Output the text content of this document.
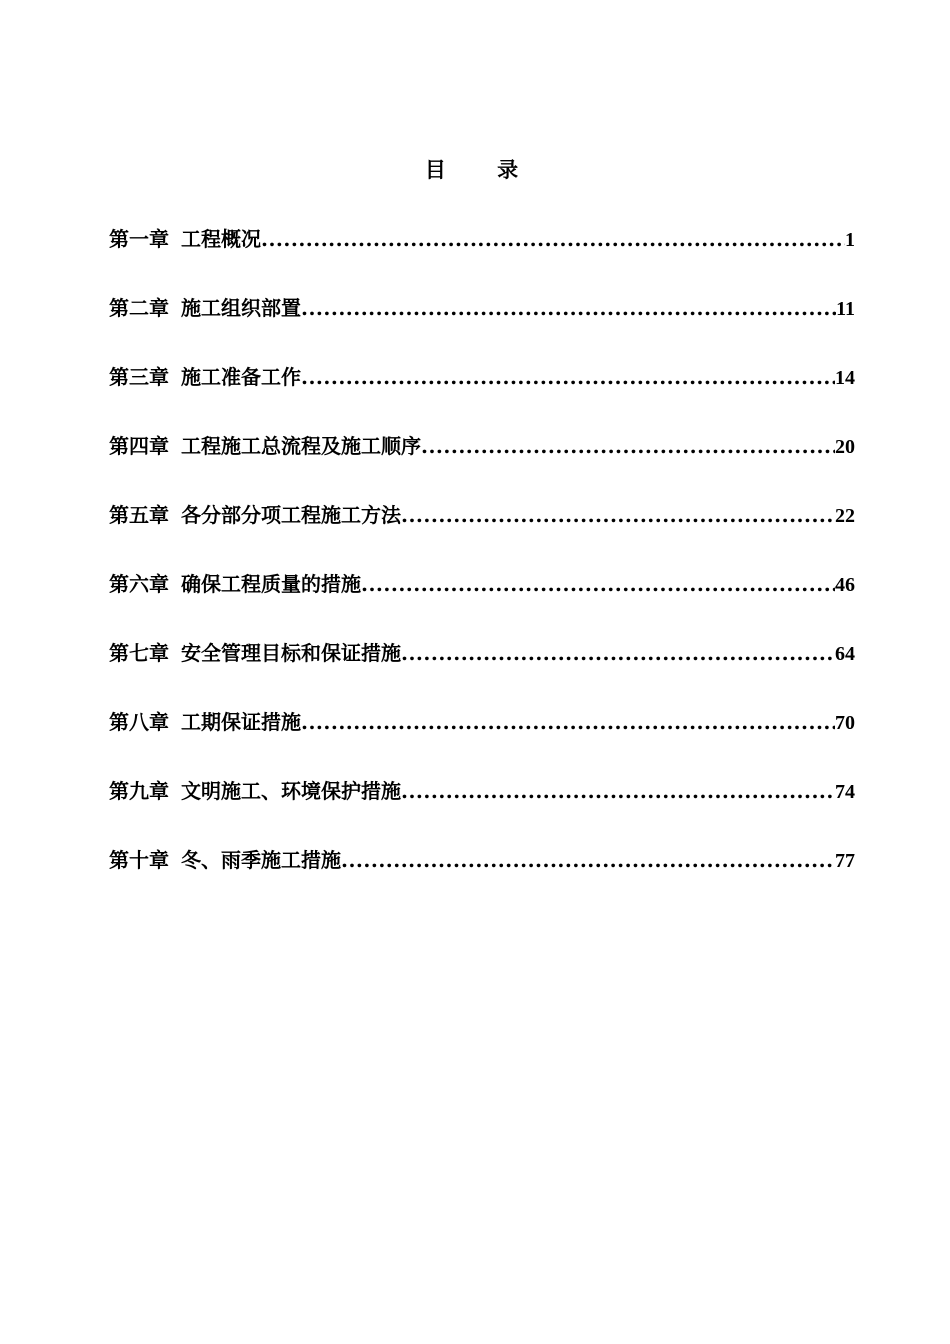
目 录
第一章 工程概况 .....	1
第二章 施工组织部置 .....	11
第三章 施工准备工作 .....	14
第四章 工程施工总流程及施工顺序 .....	20
第五章 各分部分项工程施工方法 .....	22
第六章 确保工程质量的措施 .....	46
第七章 安全管理目标和保证措施 .....	64
第八章 工期保证措施 .....	70
第九章 文明施工、环境保护措施 .....	74
第十章 冬、雨季施工措施 .....	77
